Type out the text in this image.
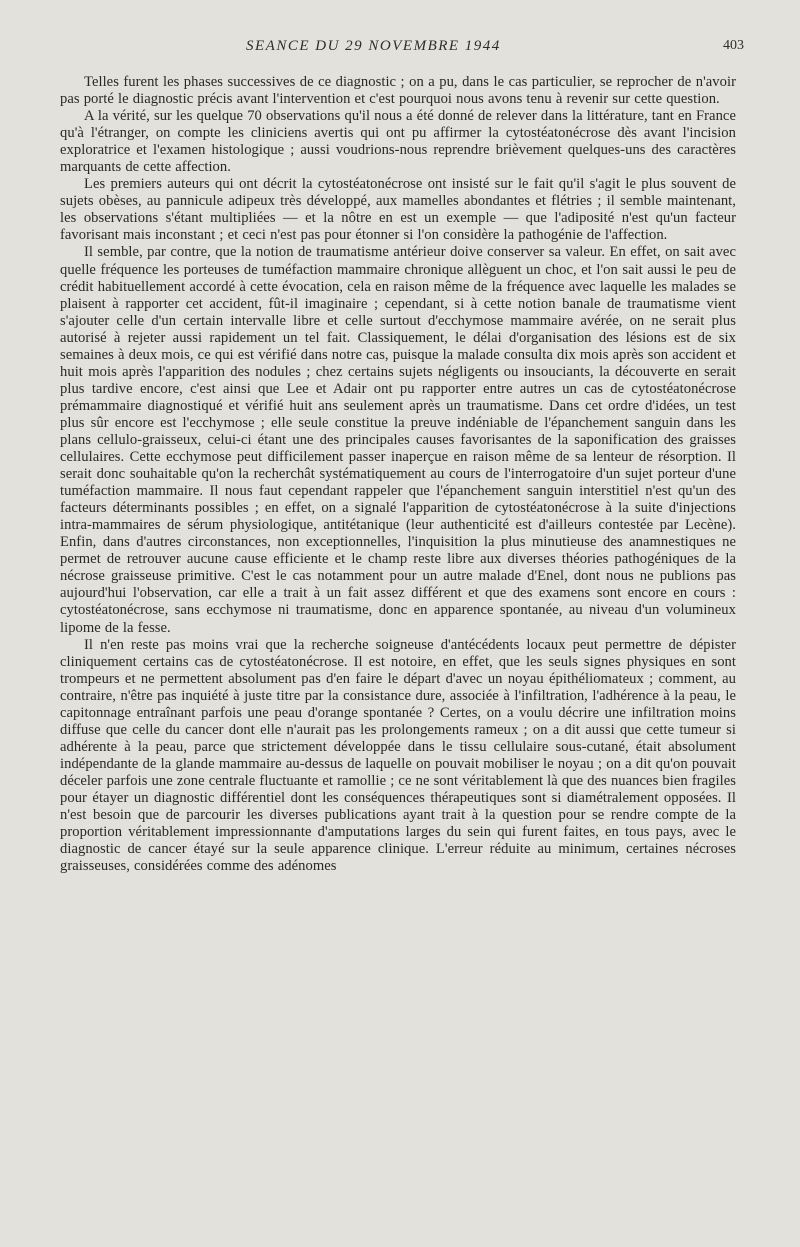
SEANCE DU 29 NOVEMBRE 1944	403

Telles furent les phases successives de ce diagnostic ; on a pu, dans le cas particulier, se reprocher de n'avoir pas porté le diagnostic précis avant l'intervention et c'est pourquoi nous avons tenu à revenir sur cette question.

A la vérité, sur les quelque 70 observations qu'il nous a été donné de relever dans la littérature, tant en France qu'à l'étranger, on compte les cliniciens avertis qui ont pu affirmer la cytostéatonécrose dès avant l'incision exploratrice et l'examen histologique ; aussi voudrions-nous reprendre brièvement quelques-uns des caractères marquants de cette affection.

Les premiers auteurs qui ont décrit la cytostéatonécrose ont insisté sur le fait qu'il s'agit le plus souvent de sujets obèses, au pannicule adipeux très développé, aux mamelles abondantes et flétries ; il semble maintenant, les observations s'étant multipliées — et la nôtre en est un exemple — que l'adiposité n'est qu'un facteur favorisant mais inconstant ; et ceci n'est pas pour étonner si l'on considère la pathogénie de l'affection.

Il semble, par contre, que la notion de traumatisme antérieur doive conserver sa valeur. En effet, on sait avec quelle fréquence les porteuses de tuméfaction mammaire chronique allèguent un choc, et l'on sait aussi le peu de crédit habituellement accordé à cette évocation, cela en raison même de la fréquence avec laquelle les malades se plaisent à rapporter cet accident, fût-il imaginaire ; cependant, si à cette notion banale de traumatisme vient s'ajouter celle d'un certain intervalle libre et celle surtout d'ecchymose mammaire avérée, on ne serait plus autorisé à rejeter aussi rapidement un tel fait. Classiquement, le délai d'organisation des lésions est de six semaines à deux mois, ce qui est vérifié dans notre cas, puisque la malade consulta dix mois après son accident et huit mois après l'apparition des nodules ; chez certains sujets négligents ou insouciants, la découverte en serait plus tardive encore, c'est ainsi que Lee et Adair ont pu rapporter entre autres un cas de cytostéatonécrose prémammaire diagnostiqué et vérifié huit ans seulement après un traumatisme. Dans cet ordre d'idées, un test plus sûr encore est l'ecchymose ; elle seule constitue la preuve indéniable de l'épanchement sanguin dans les plans cellulo-graisseux, celui-ci étant une des principales causes favorisantes de la saponification des graisses cellulaires. Cette ecchymose peut difficilement passer inaperçue en raison même de sa lenteur de résorption. Il serait donc souhaitable qu'on la recherchât systématiquement au cours de l'interrogatoire d'un sujet porteur d'une tuméfaction mammaire. Il nous faut cependant rappeler que l'épanchement sanguin interstitiel n'est qu'un des facteurs déterminants possibles ; en effet, on a signalé l'apparition de cytostéatonécrose à la suite d'injections intra-mammaires de sérum physiologique, antitétanique (leur authenticité est d'ailleurs contestée par Lecène). Enfin, dans d'autres circonstances, non exceptionnelles, l'inquisition la plus minutieuse des anamnestiques ne permet de retrouver aucune cause efficiente et le champ reste libre aux diverses théories pathogéniques de la nécrose graisseuse primitive. C'est le cas notamment pour un autre malade d'Enel, dont nous ne publions pas aujourd'hui l'observation, car elle a trait à un fait assez différent et que des examens sont encore en cours : cytostéatonécrose, sans ecchymose ni traumatisme, donc en apparence spontanée, au niveau d'un volumineux lipome de la fesse.

Il n'en reste pas moins vrai que la recherche soigneuse d'antécédents locaux peut permettre de dépister cliniquement certains cas de cytostéatonécrose. Il est notoire, en effet, que les seuls signes physiques en sont trompeurs et ne permettent absolument pas d'en faire le départ d'avec un noyau épithéliomateux ; comment, au contraire, n'être pas inquiété à juste titre par la consistance dure, associée à l'infiltration, l'adhérence à la peau, le capitonnage entraînant parfois une peau d'orange spontanée ? Certes, on a voulu décrire une infiltration moins diffuse que celle du cancer dont elle n'aurait pas les prolongements rameux ; on a dit aussi que cette tumeur si adhérente à la peau, parce que strictement développée dans le tissu cellulaire sous-cutané, était absolument indépendante de la glande mammaire au-dessus de laquelle on pouvait mobiliser le noyau ; on a dit qu'on pouvait déceler parfois une zone centrale fluctuante et ramollie ; ce ne sont véritablement là que des nuances bien fragiles pour étayer un diagnostic différentiel dont les conséquences thérapeutiques sont si diamétralement opposées. Il n'est besoin que de parcourir les diverses publications ayant trait à la question pour se rendre compte de la proportion véritablement impressionnante d'amputations larges du sein qui furent faites, en tous pays, avec le diagnostic de cancer étayé sur la seule apparence clinique. L'erreur réduite au minimum, certaines nécroses graisseuses, considérées comme des adénomes
